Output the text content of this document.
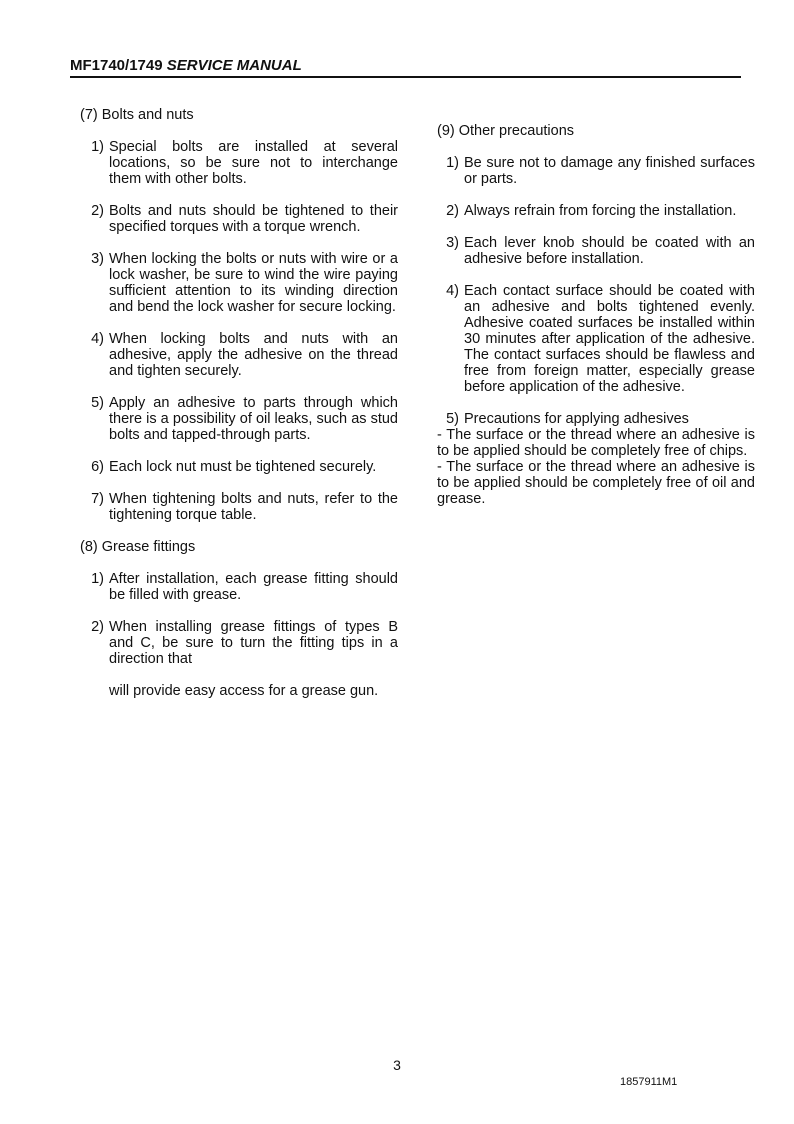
MF1740/1749 SERVICE MANUAL
(7) Bolts and nuts
1) Special bolts are installed at several locations, so be sure not to interchange them with other bolts.
2) Bolts and nuts should be tightened to their specified torques with a torque wrench.
3) When locking the bolts or nuts with wire or a lock washer, be sure to wind the wire paying sufficient attention to its winding direction and bend the lock washer for secure locking.
4) When locking bolts and nuts with an adhesive, apply the adhesive on the thread and tighten securely.
5) Apply an adhesive to parts through which there is a possibility of oil leaks, such as stud bolts and tapped-through parts.
6) Each lock nut must be tightened securely.
7) When tightening bolts and nuts, refer to the tightening torque table.
(8) Grease fittings
1) After installation, each grease fitting should be filled with grease.
2) When installing grease fittings of types B and C, be sure to turn the fitting tips in a direction that
will provide easy access for a grease gun.
(9) Other precautions
1) Be sure not to damage any finished surfaces or parts.
2) Always refrain from forcing the installation.
3) Each lever knob should be coated with an adhesive before installation.
4) Each contact surface should be coated with an adhesive and bolts tightened evenly. Adhesive coated surfaces be installed within 30 minutes after application of the adhesive. The contact surfaces should be flawless and free from foreign matter, especially grease before application of the adhesive.
5) Precautions for applying adhesives

- The surface or the thread where an adhesive is to be applied should be completely free of chips.

- The surface or the thread where an adhesive is to be applied should be completely free of oil and grease.

3
1857911M1
